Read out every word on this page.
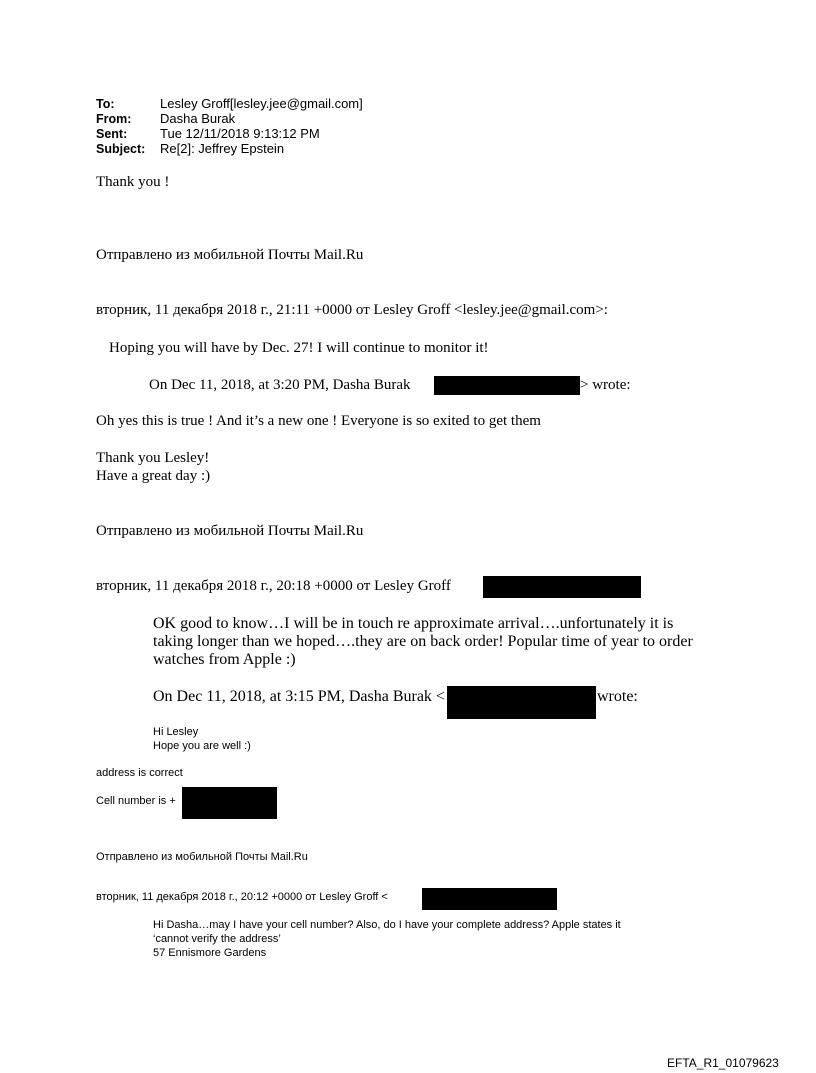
To:	Lesley Groff[lesley.jee@gmail.com]
From: Dasha Burak
Sent:	Tue 12/11/2018 9:13:12 PM
Subject: Re[2]: Jeffrey Epstein
Thank you !
Отправлено из мобильной Почты Mail.Ru
вторник, 11 декабря 2018 г., 21:11 +0000 от Lesley Groff <lesley.jee@gmail.com>:
Hoping you will have by Dec. 27! I will continue to monitor it!
On Dec 11, 2018, at 3:20 PM, Dasha Burak	> wrote:
Oh yes this is true ! And it’s a new one ! Everyone is so exited to get them
Thank you Lesley!
Have a great day :)
Отправлено из мобильной Почты Mail.Ru
вторник, 11 декабря 2018 г., 20:18 +0000 от Lesley Groff
OK good to know…I will be in touch re approximate arrival….unfortunately it is
taking longer than we hoped….they are on back order! Popular time of year to order
watches from Apple :)
On Dec 11, 2018, at 3:15 PM, Dasha Burak <	wrote:
Hi Lesley
Hope you are well :)
address is correct
Cell number is +
Отправлено из мобильной Почты Mail.Ru
вторник, 11 декабря 2018 г., 20:12 +0000 от Lesley Groff <
Hi Dasha…may I have your cell number? Also, do I have your complete address? Apple states it
‘cannot verify the address’
57 Ennismore Gardens
EFTA_R1_01079623
